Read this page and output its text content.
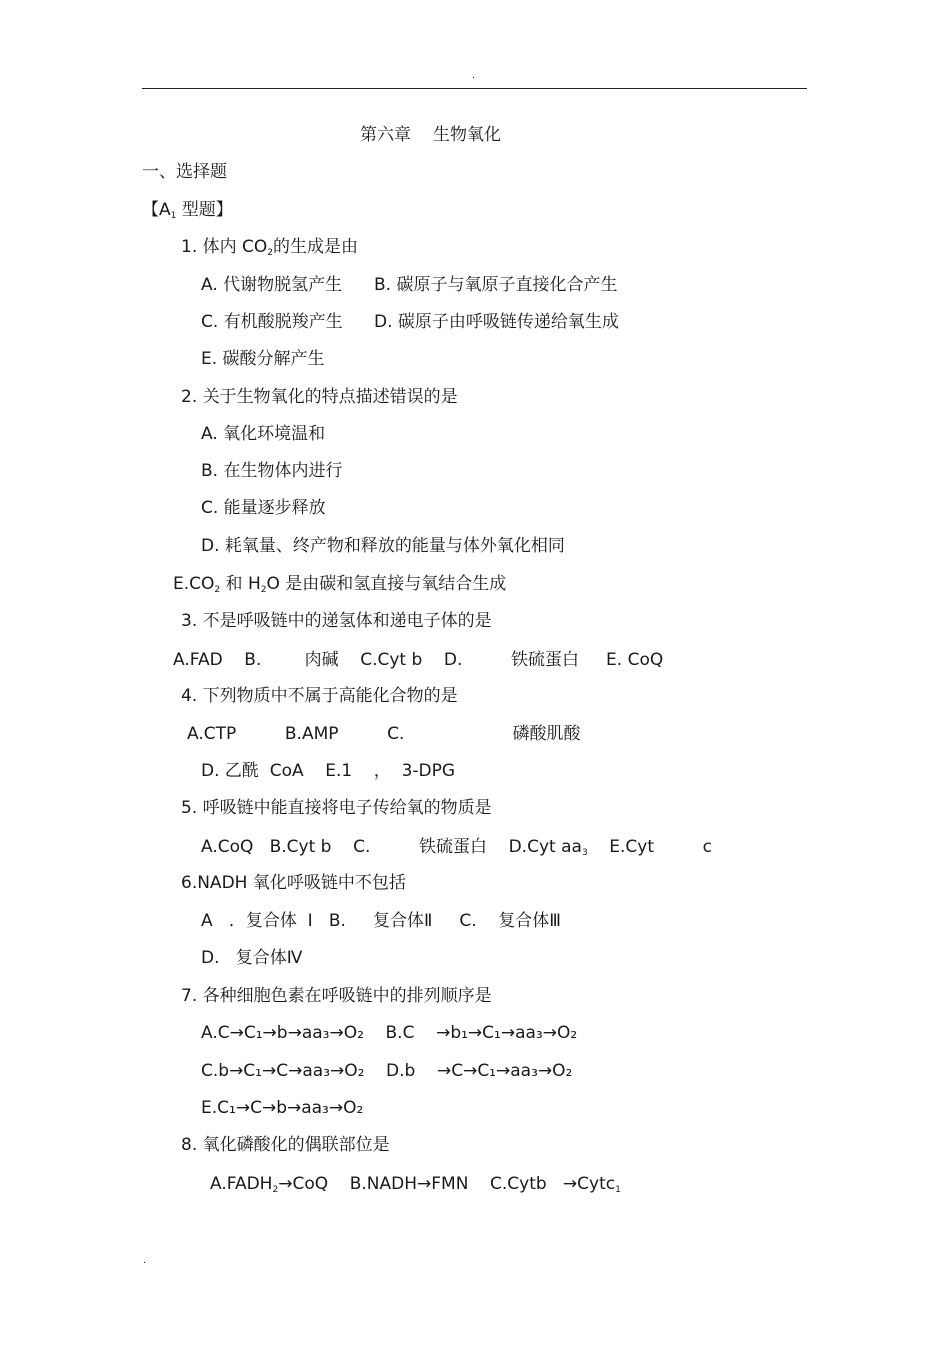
.
第六章 生物氧化
一、选择题
【$A_1$ 型题】
1. 体内 $CO_2$的生成是由
A. 代谢物脱氢产生 B. 碳原子与氧原子直接化合产生
C. 有机酸脱羧产生 D. 碳原子由呼吸链传递给氧生成
E. 碳酸分解产生
2. 关于生物氧化的特点描述错误的是
A. 氧化环境温和
B. 在生物体内进行
C. 能量逐步释放
D. 耗氧量、终产物和释放的能量与体外氧化相同
$E.CO_2$ 和 $H_2O$ 是由碳和氢直接与氧结合生成
3. 不是呼吸链中的递氢体和递电子体的是
A.FAD    B.        肉碱    C.Cyt b    D.         铁硫蛋白     E. CoQ
4. 下列物质中不属于高能化合物的是
A.CTP         B.AMP         C.                    磷酸肌酸
D. 乙酰  CoA    E.1    ，  3-DPG
5. 呼吸链中能直接将电子传给氧的物质是
A.CoQ   B.Cyt b    C.         铁硫蛋白    D.Cyt $aa_3$    E.Cyt         c
6.NADH 氧化呼吸链中不包括
A   ．复合体  Ⅰ   B.     复合体Ⅱ     C.    复合体Ⅲ
D.   复合体Ⅳ
7. 各种细胞色素在呼吸链中的排列顺序是
A.C→C₁→b→aa₃→O₂    B.C    →b₁→C₁→aa₃→O₂
C.b→C₁→C→aa₃→O₂    D.b    →C→C₁→aa₃→O₂
E.C₁→C→b→aa₃→O₂
8. 氧化磷酸化的偶联部位是
$A.FADH_2\to CoQ$    B.NADH→FMN    C.Cytb   →Cytc$_1$
.
